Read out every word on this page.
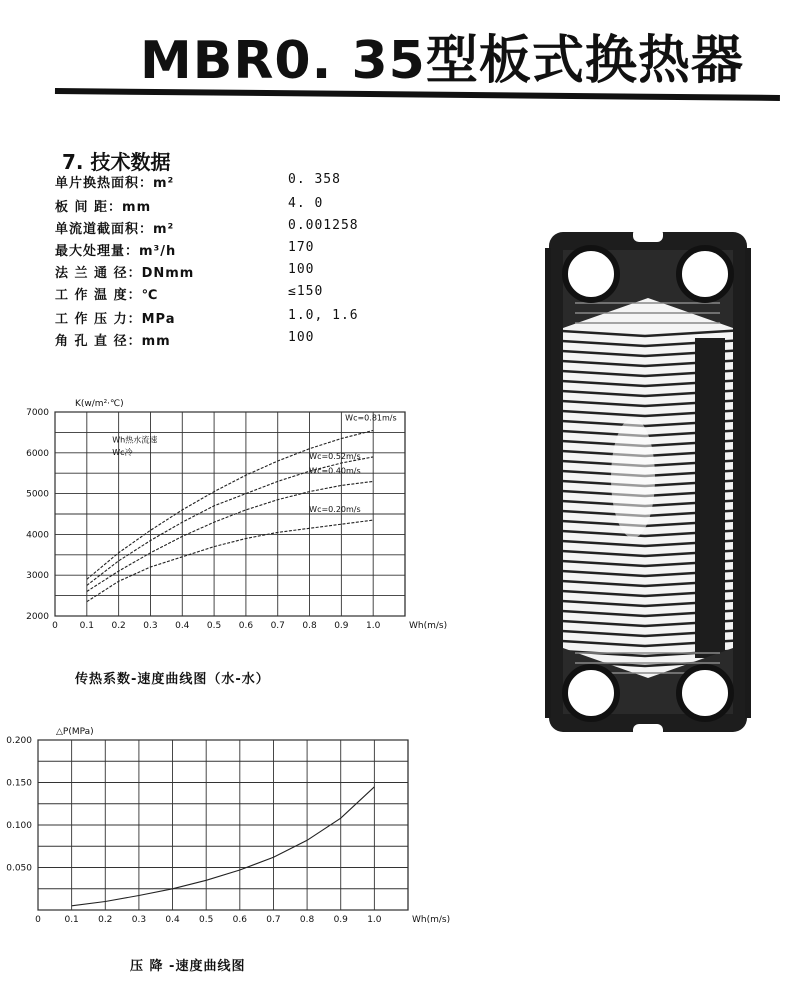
MBR0. 35型板式换热器
7. 技术数据
单片换热面积：m²	0. 358
板 间 距：mm	4. 0
单流道截面积：m²	0.001258
最大处理量：m³/h	170
法 兰 通 径：DNmm	100
工 作 温 度：℃	≤150
工 作 压 力：MPa	1.0, 1.6
角 孔 直 径：mm	100
0 0.1 0.2 0.3 0.4 0.5 0.6 0.7 0.8 0.9 1.0
2000
3000
4000
5000
6000
7000
K(w/m²·℃)
Wh(m/s)
Wc=0.81m/s
Wc=0.52m/s
Wc=0.40m/s
Wc=0.20m/s
Wh热水流速
Wc冷
0	0.1 0.2 0.3 0.4 0.5 0.6 0.7 0.8 0.9 1.0
0.050
0.100
0.150
0.200
△P(MPa)
Wh(m/s)
传热系数-速度曲线图（水-水）
压 降 -速度曲线图
